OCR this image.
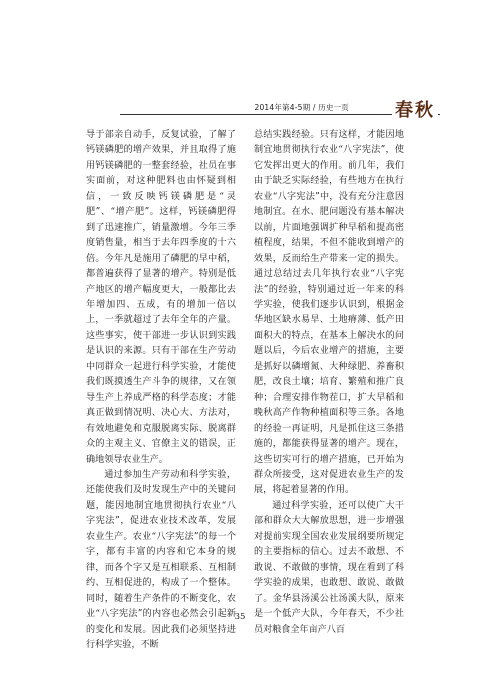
2014年第4-5期 / 历史一页	春秋

导于部亲自动手，反复试验，了解了钙镁磷肥的增产效果，并且取得了施用钙镁磷肥的一整套经验，社员在事实面前，对这种肥料也由怀疑到相信，一致反映钙镁磷肥是“灵肥”、“增产肥”。这样，钙镁磷肥得到了迅速推广，销量激增。今年三季度销售量，相当于去年四季度的十六倍。今年凡是施用了磷肥的早中稻，都普遍获得了显著的增产。特别是低产地区的增产幅度更大，一般都比去年增加四、五成，有的增加一倍以上，一季就超过了去年全年的产量。这些事实，使干部进一步认识到实践是认识的来源。只有干部在生产劳动中同群众一起进行科学实验，才能使我们既摸透生产斗争的规律，又在领导生产上养成严格的科学态度；才能真正做到情况明、决心大、方法对，有效地避免和克服脱离实际、脱离群众的主观主义、官僚主义的错误，正确地领导农业生产。

通过参加生产劳动和科学实验，还能使我们及时发现生产中的关键问题，能因地制宜地贯彻执行农业“八字宪法”，促进农业技术改革，发展农业生产。农业“八字宪法”的每一个字，都有丰富的内容和它本身的规律，而各个字又是互相联系、互相制约、互相促进的，构成了一个整体。同时，随着生产条件的不断变化，农业“八字宪法”的内容也必然会引起新的变化和发展。因此我们必须坚持进行科学实验，不断

总结实践经验。只有这样，才能因地制宜地贯彻执行农业“八字宪法”，使它发挥出更大的作用。前几年，我们由于缺乏实际经验，有些地方在执行农业“八字宪法”中，没有充分注意因地制宜。在水、肥问题没有基本解决以前，片面地强调扩种早稻和提高密植程度，结果，不但不能收到增产的效果，反而给生产带来一定的损失。通过总结过去几年执行农业“八字宪法”的经验，特别通过近一年来的科学实验，使我们逐步认识到，根据金华地区缺水易旱、土地瘠薄、低产田面积大的特点，在基本上解决水的问题以后，今后农业增产的措施，主要是抓好以磷增氮、大种绿肥、养畜积肥，改良土壤；培育、繁殖和推广良种；合理安排作物茬口，扩大早稻和晚秋高产作物种植面积等三条。各地的经验一再证明，凡是抓住这三条措施的，都能获得显著的增产。现在，这些切实可行的增产措施，已开始为群众所接受，这对促进农业生产的发展，将起着显著的作用。

通过科学实验，还可以使广大干部和群众大大解放思想，进一步增强对提前实现全国农业发展纲要所规定的主要指标的信心。过去不敢想、不敢说、不敢做的事情，现在看到了科学实验的成果，也敢想、敢说、敢做了。金华县汤溪公社汤溪大队，原来是一个低产大队，今年春天，不少社员对粮食全年亩产八百

35
